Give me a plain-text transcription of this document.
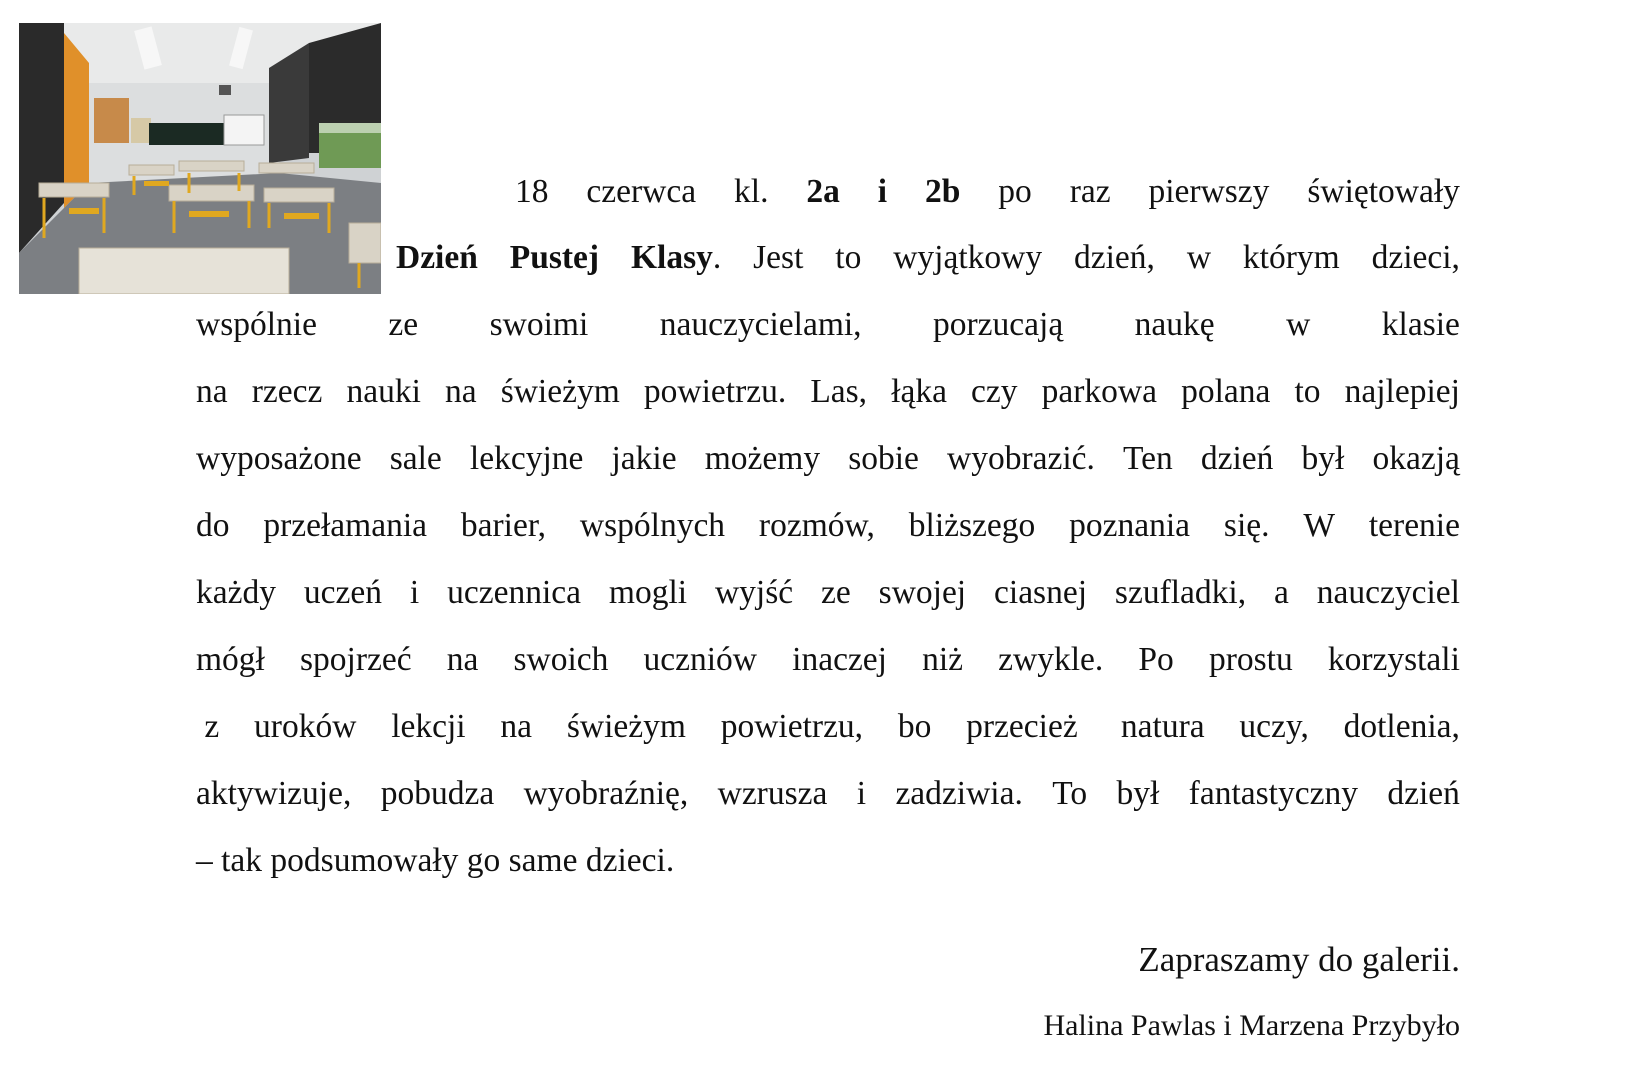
18 czerwca kl. 2a i 2b po raz pierwszy świętowały
Dzień Pustej Klasy. Jest to wyjątkowy dzień, w którym dzieci,
wspólnie ze swoimi nauczycielami, porzucają naukę w klasie
na rzecz nauki na świeżym powietrzu. Las, łąka czy parkowa polana to najlepiej
wyposażone sale lekcyjne jakie możemy sobie wyobrazić. Ten dzień był okazją
do przełamania barier, wspólnych rozmów, bliższego poznania się. W terenie
każdy uczeń i uczennica mogli wyjść ze swojej ciasnej szufladki, a nauczyciel
mógł spojrzeć na swoich uczniów inaczej niż zwykle. Po prostu korzystali
z uroków lekcji na świeżym powietrzu, bo przecież natura uczy, dotlenia,
aktywizuje, pobudza wyobraźnię, wzrusza i zadziwia. To był fantastyczny dzień
– tak podsumowały go same dzieci.
Zapraszamy do galerii.
Halina Pawlas i Marzena Przybyło
